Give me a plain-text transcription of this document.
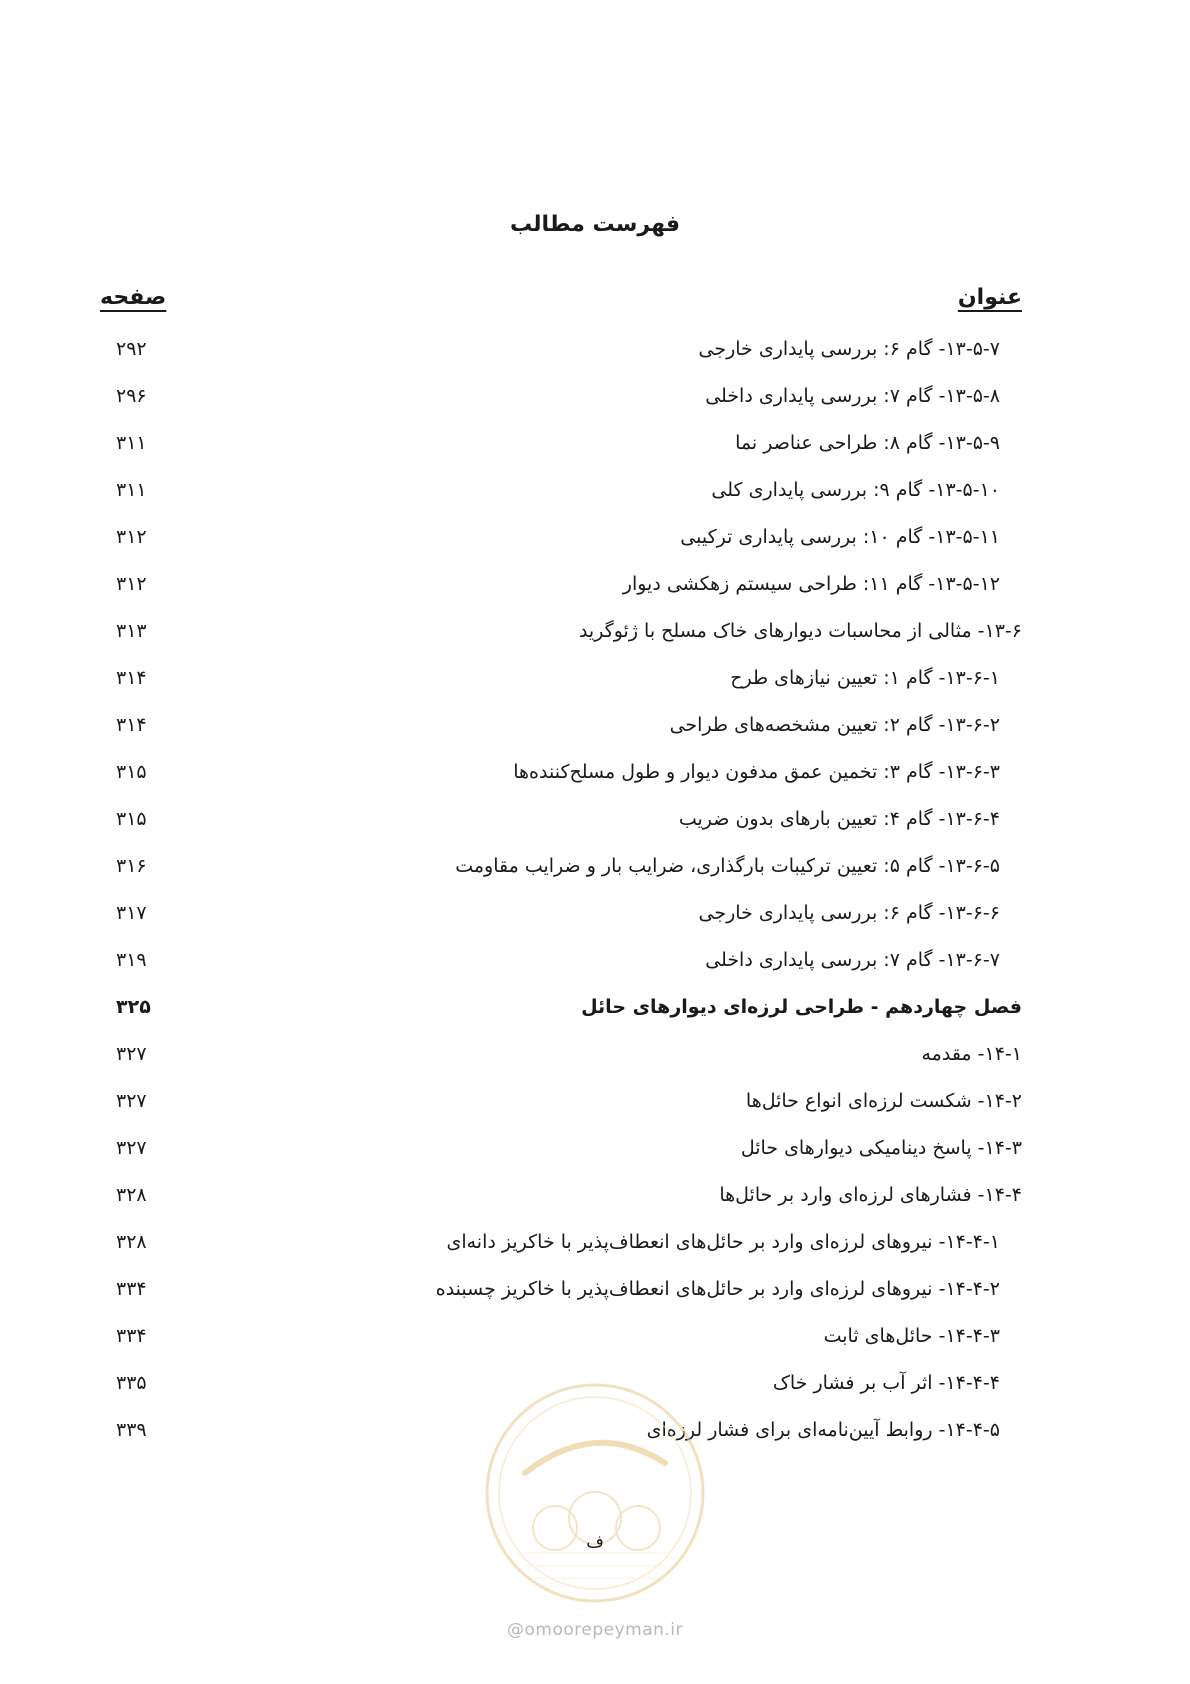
فهرست مطالب
عنوان
صفحه
۱۳-۵-۷- گام ۶: بررسی پایداری خارجی
۲۹۲
۱۳-۵-۸- گام ۷: بررسی پایداری داخلی
۲۹۶
۱۳-۵-۹- گام ۸: طراحی عناصر نما
۳۱۱
۱۳-۵-۱۰- گام ۹: بررسی پایداری کلی
۳۱۱
۱۳-۵-۱۱- گام ۱۰: بررسی پایداری ترکیبی
۳۱۲
۱۳-۵-۱۲- گام ۱۱: طراحی سیستم زهکشی دیوار
۳۱۲
۱۳-۶- مثالی از محاسبات دیوارهای خاک مسلح با ژئوگرید
۳۱۳
۱۳-۶-۱- گام ۱: تعیین نیازهای طرح
۳۱۴
۱۳-۶-۲- گام ۲: تعیین مشخصه‌های طراحی
۳۱۴
۱۳-۶-۳- گام ۳: تخمین عمق مدفون دیوار و طول مسلح‌کننده‌ها
۳۱۵
۱۳-۶-۴- گام ۴: تعیین بارهای بدون ضریب
۳۱۵
۱۳-۶-۵- گام ۵: تعیین ترکیبات بارگذاری، ضرایب بار و ضرایب مقاومت
۳۱۶
۱۳-۶-۶- گام ۶: بررسی پایداری خارجی
۳۱۷
۱۳-۶-۷- گام ۷: بررسی پایداری داخلی
۳۱۹
فصل چهاردهم - طراحی لرزه‌ای دیوارهای حائل
۳۲۵
۱۴-۱- مقدمه
۳۲۷
۱۴-۲- شکست لرزه‌ای انواع حائل‌ها
۳۲۷
۱۴-۳- پاسخ دینامیکی دیوارهای حائل
۳۲۷
۱۴-۴- فشارهای لرزه‌ای وارد بر حائل‌ها
۳۲۸
۱۴-۴-۱- نیروهای لرزه‌ای وارد بر حائل‌های انعطاف‌پذیر با خاکریز دانه‌ای
۳۲۸
۱۴-۴-۲- نیروهای لرزه‌ای وارد بر حائل‌های انعطاف‌پذیر با خاکریز چسبنده
۳۳۴
۱۴-۴-۳- حائل‌های ثابت
۳۳۴
۱۴-۴-۴- اثر آب بر فشار خاک
۳۳۵
۱۴-۴-۵- روابط آیین‌نامه‌ای برای فشار لرزه‌ای
۳۳۹
ف
@omoorepeyman.ir
